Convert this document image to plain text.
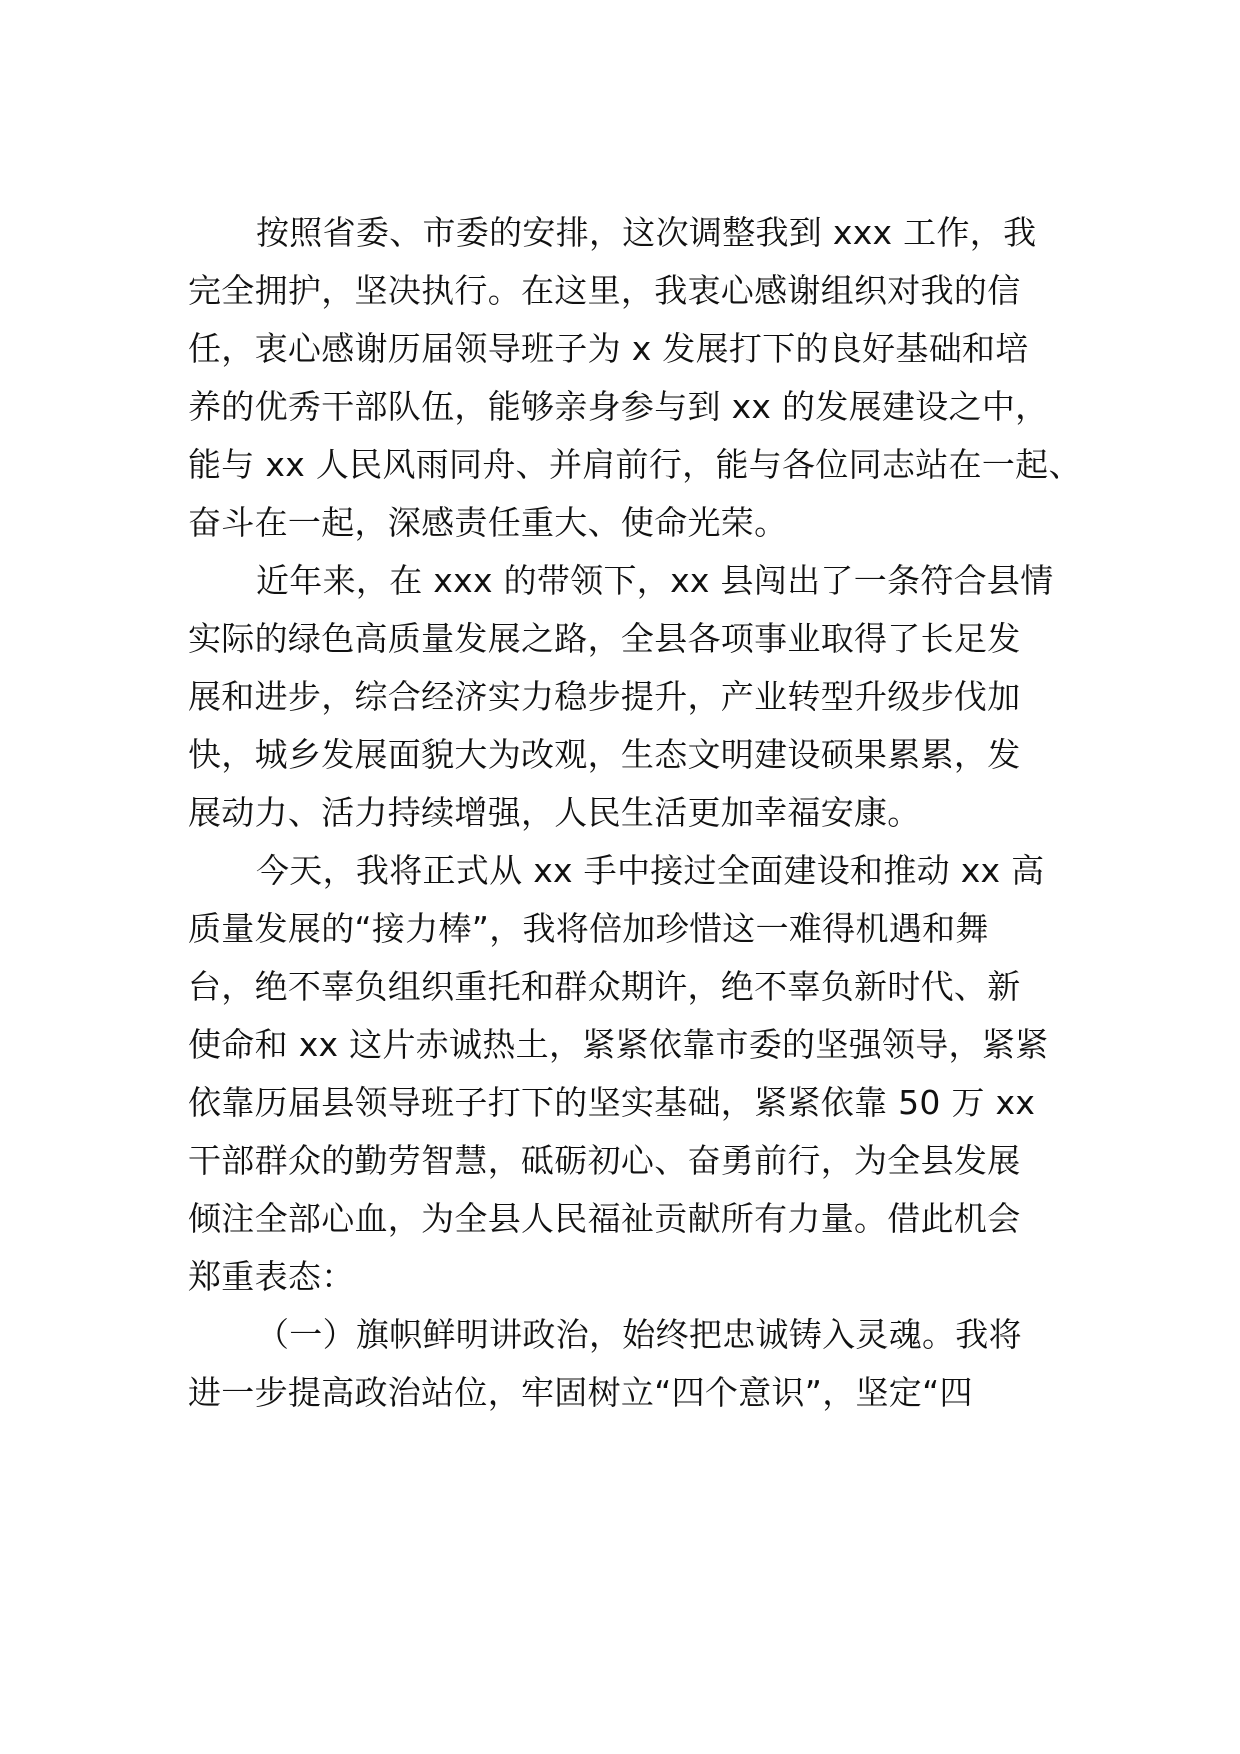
按照省委、市委的安排，这次调整我到 xxx 工作，我
完全拥护，坚决执行。在这里，我衷心感谢组织对我的信
任，衷心感谢历届领导班子为 x 发展打下的良好基础和培
养的优秀干部队伍，能够亲身参与到 xx 的发展建设之中，
能与 xx 人民风雨同舟、并肩前行，能与各位同志站在一起、
奋斗在一起，深感责任重大、使命光荣。
近年来，在 xxx 的带领下，xx 县闯出了一条符合县情
实际的绿色高质量发展之路，全县各项事业取得了长足发
展和进步，综合经济实力稳步提升，产业转型升级步伐加
快，城乡发展面貌大为改观，生态文明建设硕果累累，发
展动力、活力持续增强，人民生活更加幸福安康。
今天，我将正式从 xx 手中接过全面建设和推动 xx 高
质量发展的“接力棒”，我将倍加珍惜这一难得机遇和舞
台，绝不辜负组织重托和群众期许，绝不辜负新时代、新
使命和 xx 这片赤诚热土，紧紧依靠市委的坚强领导，紧紧
依靠历届县领导班子打下的坚实基础，紧紧依靠 50 万 xx
干部群众的勤劳智慧，砥砺初心、奋勇前行，为全县发展
倾注全部心血，为全县人民福祉贡献所有力量。借此机会
郑重表态：
（一）旗帜鲜明讲政治，始终把忠诚铸入灵魂。我将
进一步提高政治站位，牢固树立“四个意识”，坚定“四
